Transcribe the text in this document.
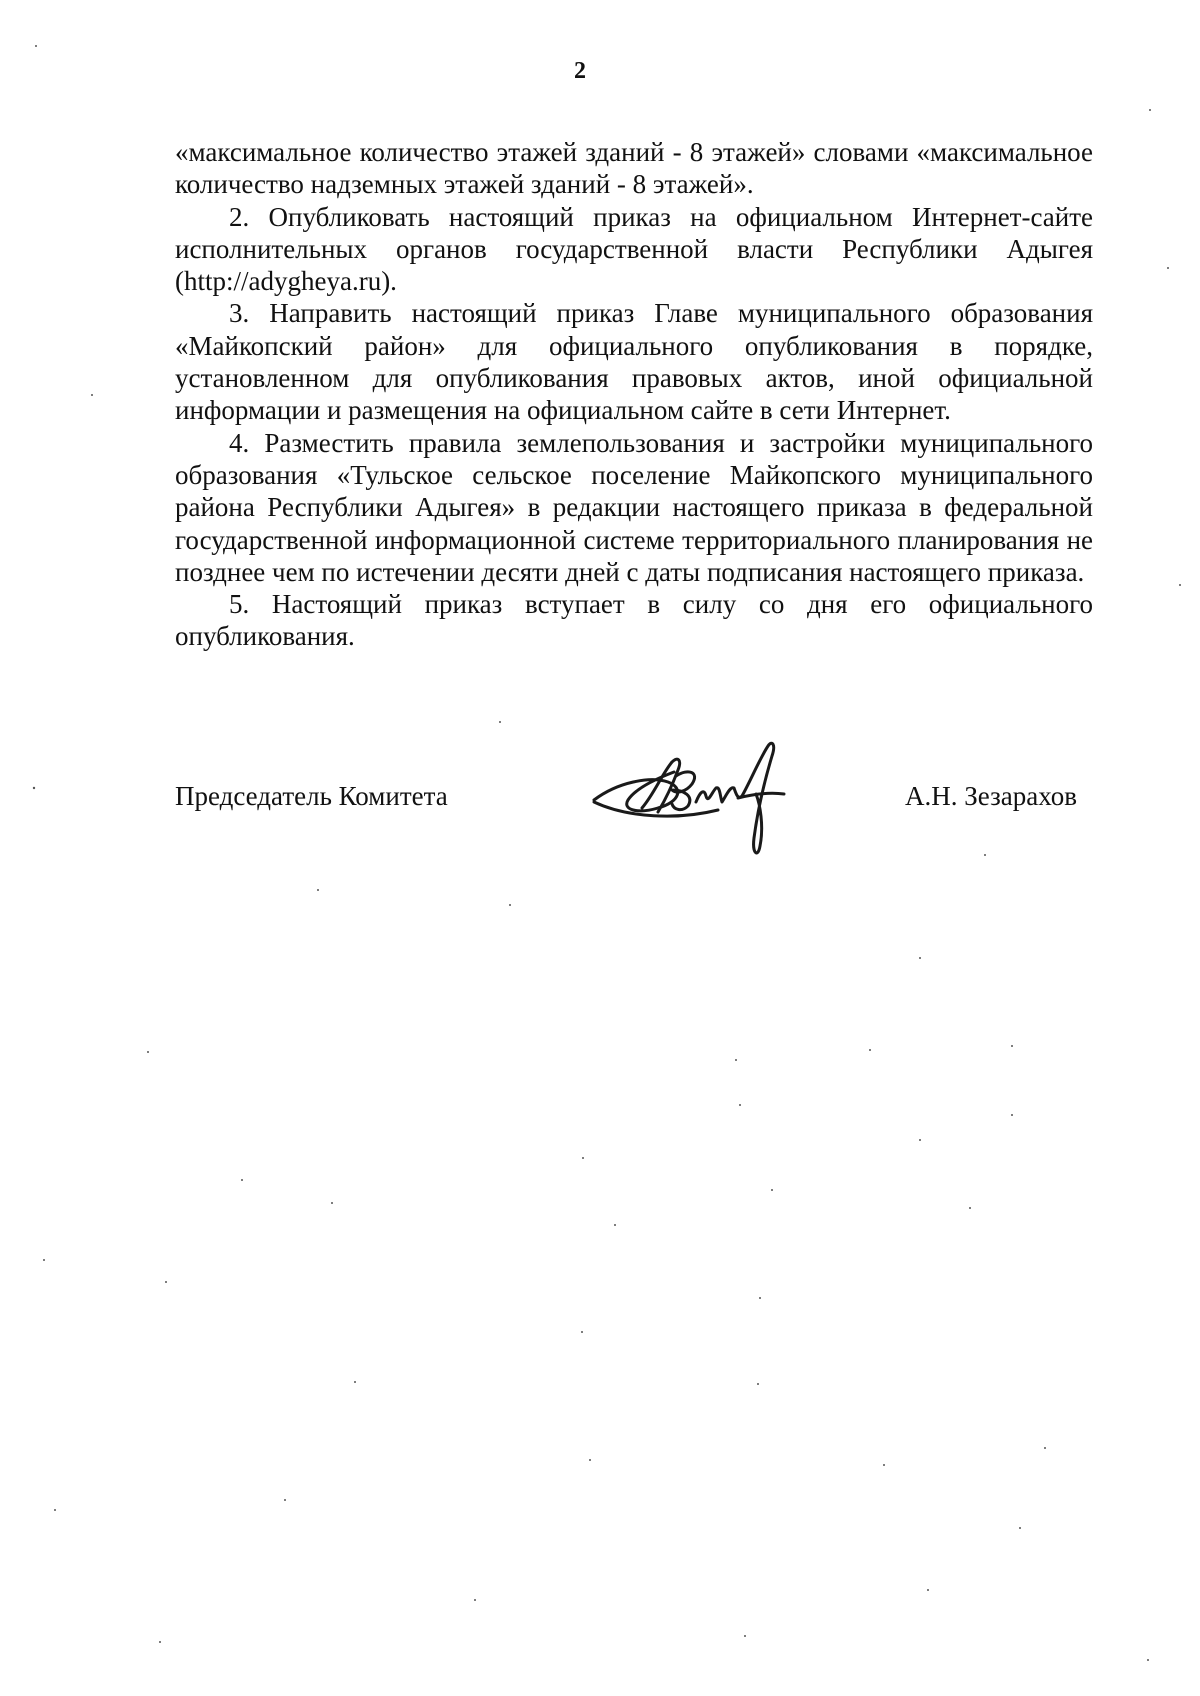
2

«максимальное количество этажей зданий - 8 этажей» словами «максимальное количество надземных этажей зданий - 8 этажей».

2. Опубликовать настоящий приказ на официальном Интернет-сайте исполнительных органов государственной власти Республики Адыгея (http://adygheya.ru).

3. Направить настоящий приказ Главе муниципального образования «Майкопский район» для официального опубликования в порядке, установленном для опубликования правовых актов, иной официальной информации и размещения на официальном сайте в сети Интернет.

4. Разместить правила землепользования и застройки муниципального образования «Тульское сельское поселение Майкопского муниципального района Республики Адыгея» в редакции настоящего приказа в федеральной государственной информационной системе территориального планирования не позднее чем по истечении десяти дней с даты подписания настоящего приказа.

5. Настоящий приказ вступает в силу со дня его официального опубликования.

Председатель Комитета	А.Н. Зезарахов
